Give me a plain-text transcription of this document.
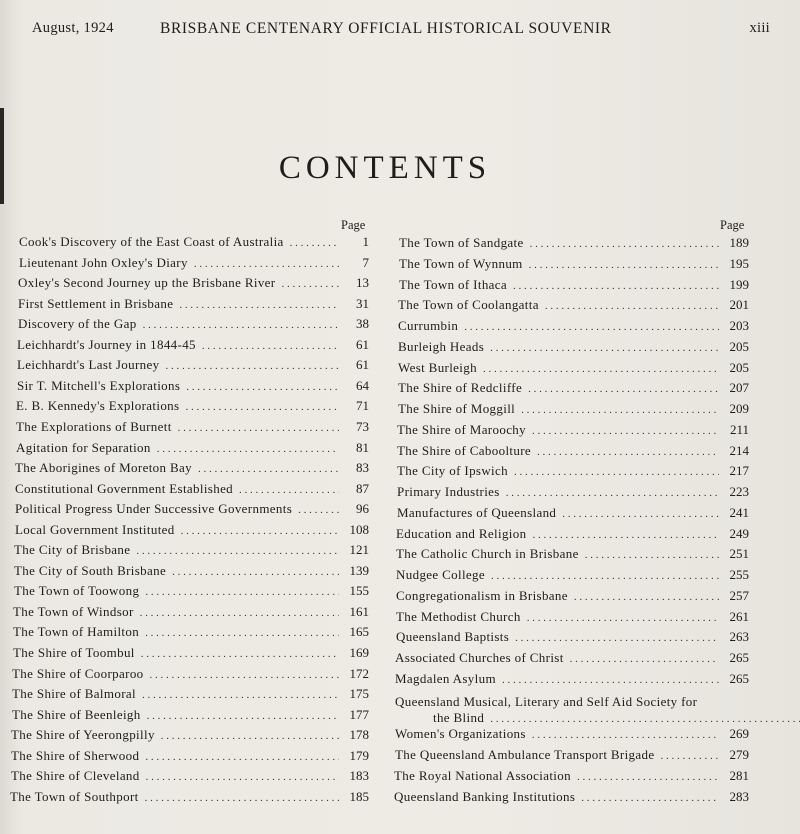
August, 1924	BRISBANE CENTENARY OFFICIAL HISTORICAL SOUVENIR	xiii
CONTENTS
Page	Page
Cook's Discovery of the East Coast of Australia . . .	1
Lieutenant John Oxley's Diary . . .	7
Oxley's Second Journey up the Brisbane River . . .	13
First Settlement in Brisbane . . .	31
Discovery of the Gap . . .	38
Leichhardt's Journey in 1844-45 . . .	61
Leichhardt's Last Journey . . .	61
Sir T. Mitchell's Explorations . . .	64
E. B. Kennedy's Explorations . . .	71
The Explorations of Burnett . . .	73
Agitation for Separation . . .	81
The Aborigines of Moreton Bay . . .	83
Constitutional Government Established . . .	87
Political Progress Under Successive Governments . . .	96
Local Government Instituted . . .	108
The City of Brisbane . . .	121
The City of South Brisbane . . .	139
The Town of Toowong . . .	155
The Town of Windsor . . .	161
The Town of Hamilton . . .	165
The Shire of Toombul . . .	169
The Shire of Coorparoo . . .	172
The Shire of Balmoral . . .	175
The Shire of Beenleigh . . .	177
The Shire of Yeerongpilly . . .	178
The Shire of Sherwood . . .	179
The Shire of Cleveland . . .	183
The Town of Southport . . .	185
The Town of Sandgate . . .	189
The Town of Wynnum . . .	195
The Town of Ithaca . . .	199
The Town of Coolangatta . . .	201
Currumbin . . .	203
Burleigh Heads . . .	205
West Burleigh . . .	205
The Shire of Redcliffe . . .	207
The Shire of Moggill . . .	209
The Shire of Maroochy . . .	211
The Shire of Caboolture . . .	214
The City of Ipswich . . .	217
Primary Industries . . .	223
Manufactures of Queensland . . .	241
Education and Religion . . .	249
The Catholic Church in Brisbane . . .	251
Nudgee College . . .	255
Congregationalism in Brisbane . . .	257
The Methodist Church . . .	261
Queensland Baptists . . .	263
Associated Churches of Christ . . .	265
Magdalen Asylum . . .	265
Queensland Musical, Literary and Self Aid Society for
the Blind
. . .
Women's Organizations . . .	269
The Queensland Ambulance Transport Brigade . . .	279
The Royal National Association . . .	281
Queensland Banking Institutions . . .	283
